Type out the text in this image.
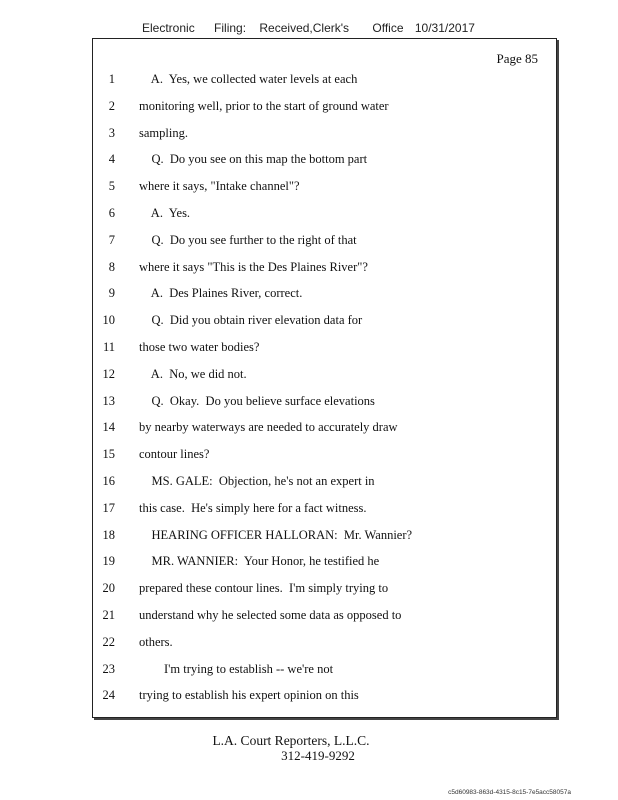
Electronic Filing: Received,Clerk's Office 10/31/2017
Page 85
1 A.  Yes, we collected water levels at each
2 monitoring well, prior to the start of ground water
3 sampling.
4 Q.  Do you see on this map the bottom part
5 where it says, "Intake channel"?
6 A.  Yes.
7 Q.  Do you see further to the right of that
8 where it says "This is the Des Plaines River"?
9 A.  Des Plaines River, correct.
10 Q.  Did you obtain river elevation data for
11 those two water bodies?
12 A.  No, we did not.
13 Q.  Okay.  Do you believe surface elevations
14 by nearby waterways are needed to accurately draw
15 contour lines?
16 MS. GALE:  Objection, he's not an expert in
17 this case.  He's simply here for a fact witness.
18 HEARING OFFICER HALLORAN:  Mr. Wannier?
19 MR. WANNIER:  Your Honor, he testified he
20 prepared these contour lines.  I'm simply trying to
21 understand why he selected some data as opposed to
22 others.
23 I'm trying to establish -- we're not
24 trying to establish his expert opinion on this
L.A. Court Reporters, L.L.C.
312-419-9292
c5d60983-863d-4315-8c15-7e5acc58057a
